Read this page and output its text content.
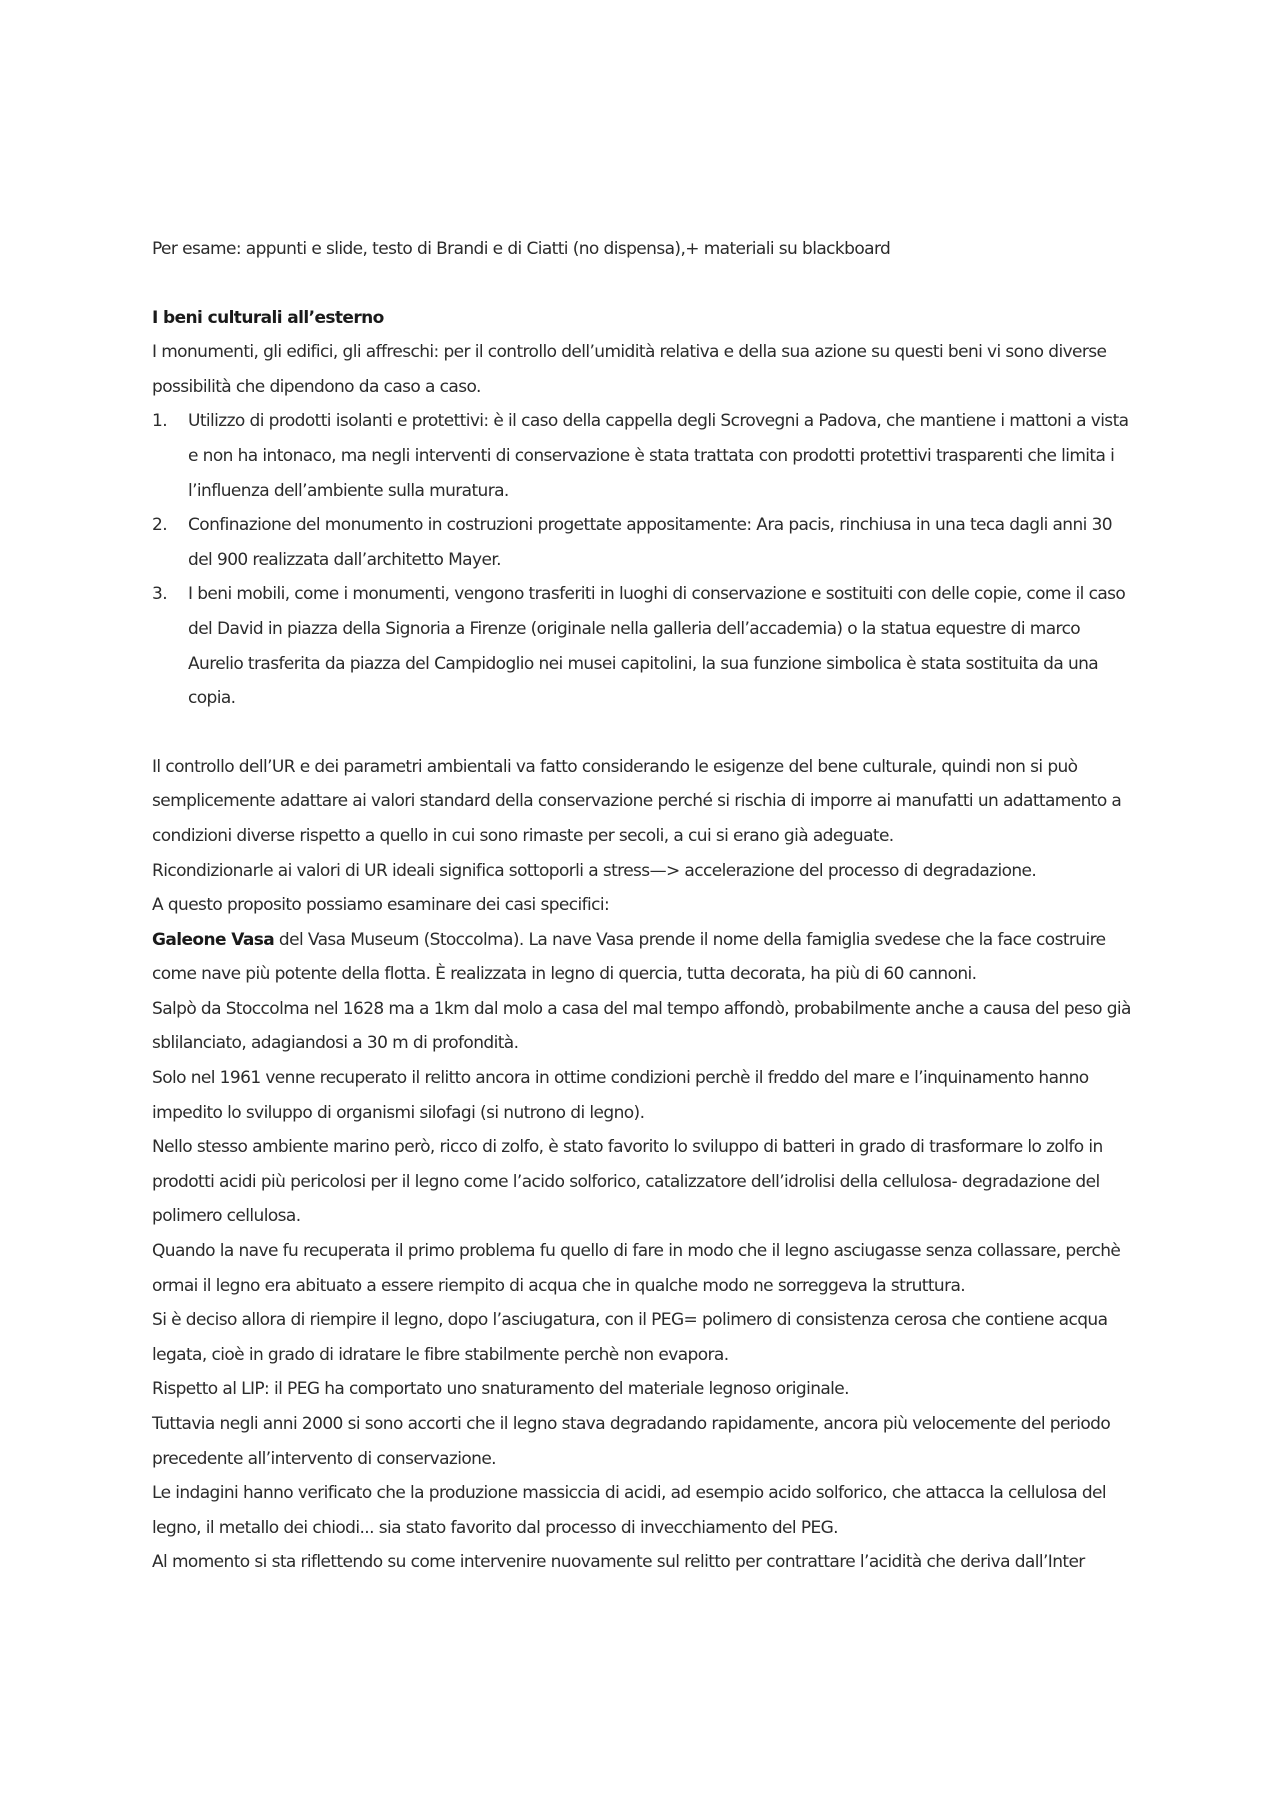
Per esame: appunti e slide, testo di Brandi e di Ciatti (no dispensa),+ materiali su blackboard

I beni culturali all’esterno

I monumenti, gli edifici, gli affreschi: per il controllo dell’umidità relativa e della sua azione su questi beni vi sono diverse possibilità che dipendono da caso a caso.

1. Utilizzo di prodotti isolanti e protettivi: è il caso della cappella degli Scrovegni a Padova, che mantiene i mattoni a vista e non ha intonaco, ma negli interventi di conservazione è stata trattata con prodotti protettivi trasparenti che limita i l’influenza dell’ambiente sulla muratura.
2. Confinazione del monumento in costruzioni progettate appositamente: Ara pacis, rinchiusa in una teca dagli anni 30 del 900 realizzata dall’architetto Mayer.
3. I beni mobili, come i monumenti, vengono trasferiti in luoghi di conservazione e sostituiti con delle copie, come il caso del David in piazza della Signoria a Firenze (originale nella galleria dell’accademia) o la statua equestre di marco Aurelio trasferita da piazza del Campidoglio nei musei capitolini, la sua funzione simbolica è stata sostituita da una copia.

Il controllo dell’UR e dei parametri ambientali va fatto considerando le esigenze del bene culturale, quindi non si può semplicemente adattare ai valori standard della conservazione perché si rischia di imporre ai manufatti un adattamento a condizioni diverse rispetto a quello in cui sono rimaste per secoli, a cui si erano già adeguate.

Ricondizionarle ai valori di UR ideali significa sottoporli a stress—> accelerazione del processo di degradazione.

A questo proposito possiamo esaminare dei casi specifici:

Galeone Vasa del Vasa Museum (Stoccolma). La nave Vasa prende il nome della famiglia svedese che la face costruire come nave più potente della flotta. È realizzata in legno di quercia, tutta decorata, ha più di 60 cannoni.

Salpò da Stoccolma nel 1628 ma a 1km dal molo a casa del mal tempo affondò, probabilmente anche a causa del peso già sblilanciato, adagiandosi a 30 m di profondità.

Solo nel 1961 venne recuperato il relitto ancora in ottime condizioni perchè il freddo del mare e l’inquinamento hanno impedito lo sviluppo di organismi silofagi (si nutrono di legno).

Nello stesso ambiente marino però, ricco di zolfo, è stato favorito lo sviluppo di batteri in grado di trasformare lo zolfo in prodotti acidi più pericolosi per il legno come l’acido solforico, catalizzatore dell’idrolisi della cellulosa- degradazione del polimero cellulosa.

Quando la nave fu recuperata il primo problema fu quello di fare in modo che il legno asciugasse senza collassare, perchè ormai il legno era abituato a essere riempito di acqua che in qualche modo ne sorreggeva la struttura.

Si è deciso allora di riempire il legno, dopo l’asciugatura, con il PEG= polimero di consistenza cerosa che contiene acqua legata, cioè in grado di idratare le fibre stabilmente perchè non evapora.

Rispetto al LIP: il PEG ha comportato uno snaturamento del materiale legnoso originale.

Tuttavia negli anni 2000 si sono accorti che il legno stava degradando rapidamente, ancora più velocemente del periodo precedente all’intervento di conservazione.

Le indagini hanno verificato che la produzione massiccia di acidi, ad esempio acido solforico, che attacca la cellulosa del legno, il metallo dei chiodi... sia stato favorito dal processo di invecchiamento del PEG.

Al momento si sta riflettendo su come intervenire nuovamente sul relitto per contrattare l’acidità che deriva dall’Inter
